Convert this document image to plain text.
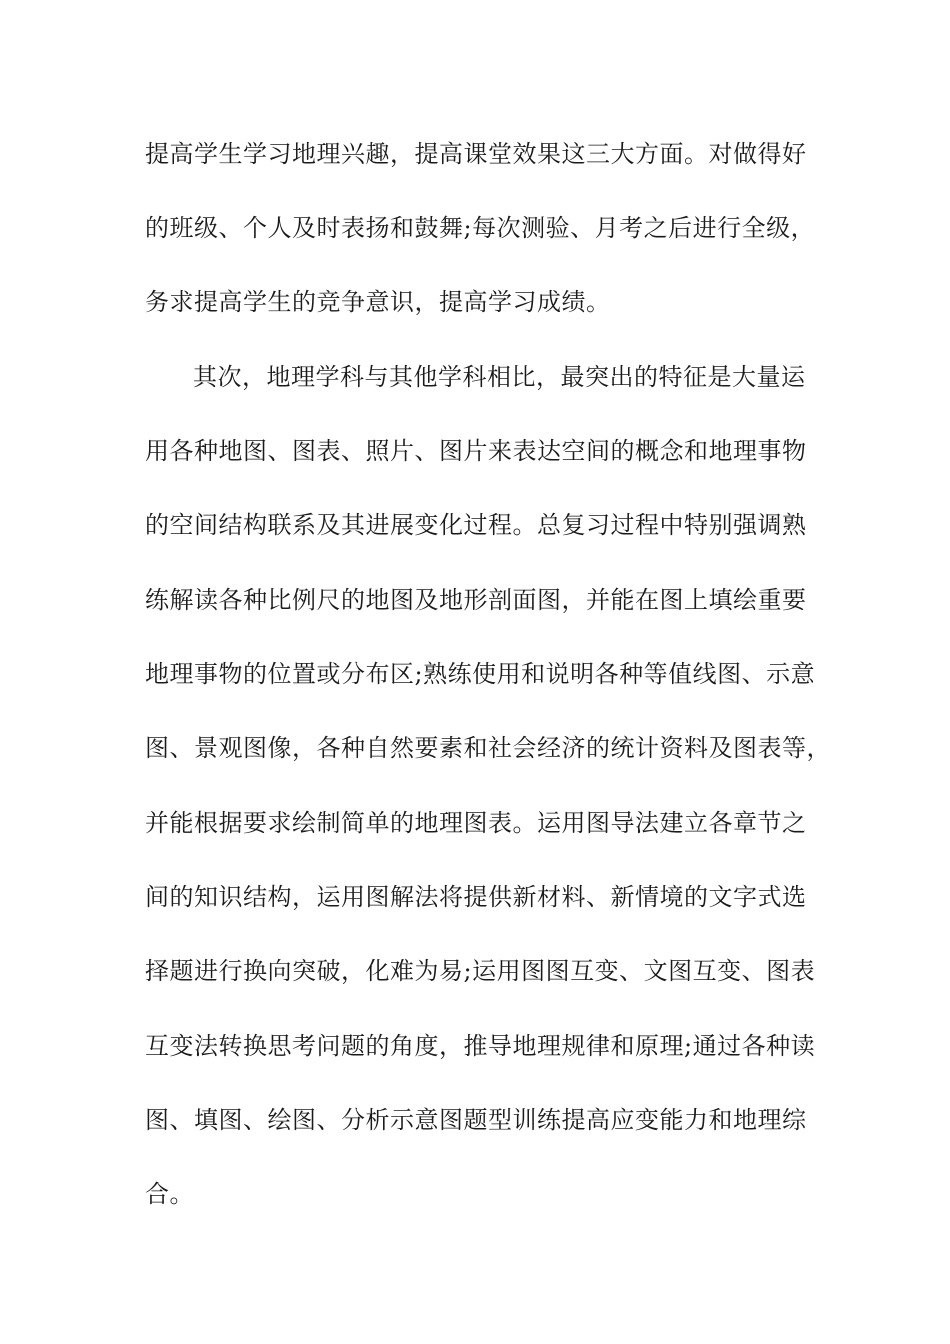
提高学生学习地理兴趣，提高课堂效果这三大方面。对做得好
的班级、个人及时表扬和鼓舞;每次测验、月考之后进行全级，
务求提高学生的竞争意识，提高学习成绩。
其次，地理学科与其他学科相比，最突出的特征是大量运
用各种地图、图表、照片、图片来表达空间的概念和地理事物
的空间结构联系及其进展变化过程。总复习过程中特别强调熟
练解读各种比例尺的地图及地形剖面图，并能在图上填绘重要
地理事物的位置或分布区;熟练使用和说明各种等值线图、示意
图、景观图像，各种自然要素和社会经济的统计资料及图表等，
并能根据要求绘制简单的地理图表。运用图导法建立各章节之
间的知识结构，运用图解法将提供新材料、新情境的文字式选
择题进行换向突破，化难为易;运用图图互变、文图互变、图表
互变法转换思考问题的角度，推导地理规律和原理;通过各种读
图、填图、绘图、分析示意图题型训练提高应变能力和地理综
合。
